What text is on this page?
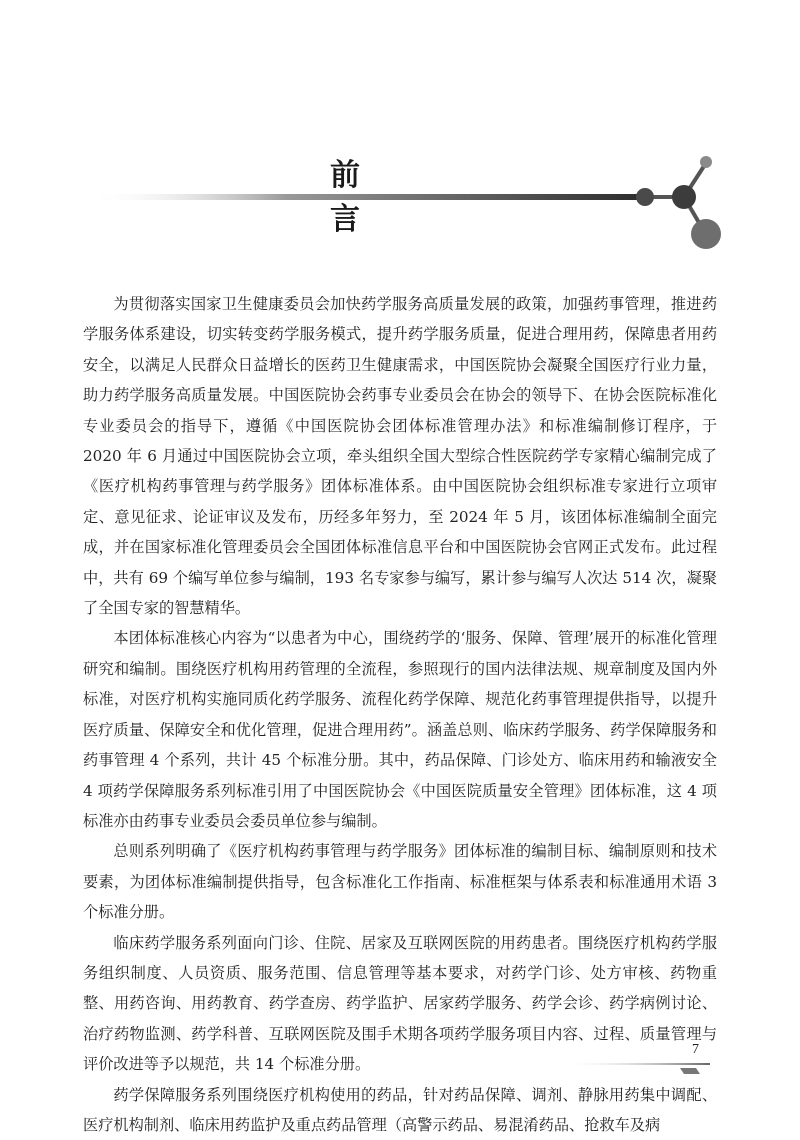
前 言

为贯彻落实国家卫生健康委员会加快药学服务高质量发展的政策，加强药事管理，推进药学服务体系建设，切实转变药学服务模式，提升药学服务质量，促进合理用药，保障患者用药安全，以满足人民群众日益增长的医药卫生健康需求，中国医院协会凝聚全国医疗行业力量，助力药学服务高质量发展。中国医院协会药事专业委员会在协会的领导下、在协会医院标准化专业委员会的指导下，遵循《中国医院协会团体标准管理办法》和标准编制修订程序，于 2020 年 6 月通过中国医院协会立项，牵头组织全国大型综合性医院药学专家精心编制完成了《医疗机构药事管理与药学服务》团体标准体系。由中国医院协会组织标准专家进行立项审定、意见征求、论证审议及发布，历经多年努力，至 2024 年 5 月，该团体标准编制全面完成，并在国家标准化管理委员会全国团体标准信息平台和中国医院协会官网正式发布。此过程中，共有 69 个编写单位参与编制，193 名专家参与编写，累计参与编写人次达 514 次，凝聚了全国专家的智慧精华。

本团体标准核心内容为“以患者为中心，围绕药学的‘服务、保障、管理’展开的标准化管理研究和编制。围绕医疗机构用药管理的全流程，参照现行的国内法律法规、规章制度及国内外标准，对医疗机构实施同质化药学服务、流程化药学保障、规范化药事管理提供指导，以提升医疗质量、保障安全和优化管理，促进合理用药”。涵盖总则、临床药学服务、药学保障服务和药事管理 4 个系列，共计 45 个标准分册。其中，药品保障、门诊处方、临床用药和输液安全 4 项药学保障服务系列标准引用了中国医院协会《中国医院质量安全管理》团体标准，这 4 项标准亦由药事专业委员会委员单位参与编制。

总则系列明确了《医疗机构药事管理与药学服务》团体标准的编制目标、编制原则和技术要素，为团体标准编制提供指导，包含标准化工作指南、标准框架与体系表和标准通用术语 3 个标准分册。

临床药学服务系列面向门诊、住院、居家及互联网医院的用药患者。围绕医疗机构药学服务组织制度、人员资质、服务范围、信息管理等基本要求，对药学门诊、处方审核、药物重整、用药咨询、用药教育、药学查房、药学监护、居家药学服务、药学会诊、药学病例讨论、治疗药物监测、药学科普、互联网医院及围手术期各项药学服务项目内容、过程、质量管理与评价改进等予以规范，共 14 个标准分册。

药学保障服务系列围绕医疗机构使用的药品，针对药品保障、调剂、静脉用药集中调配、医疗机构制剂、临床用药监护及重点药品管理（高警示药品、易混淆药品、抢救车及病

7
